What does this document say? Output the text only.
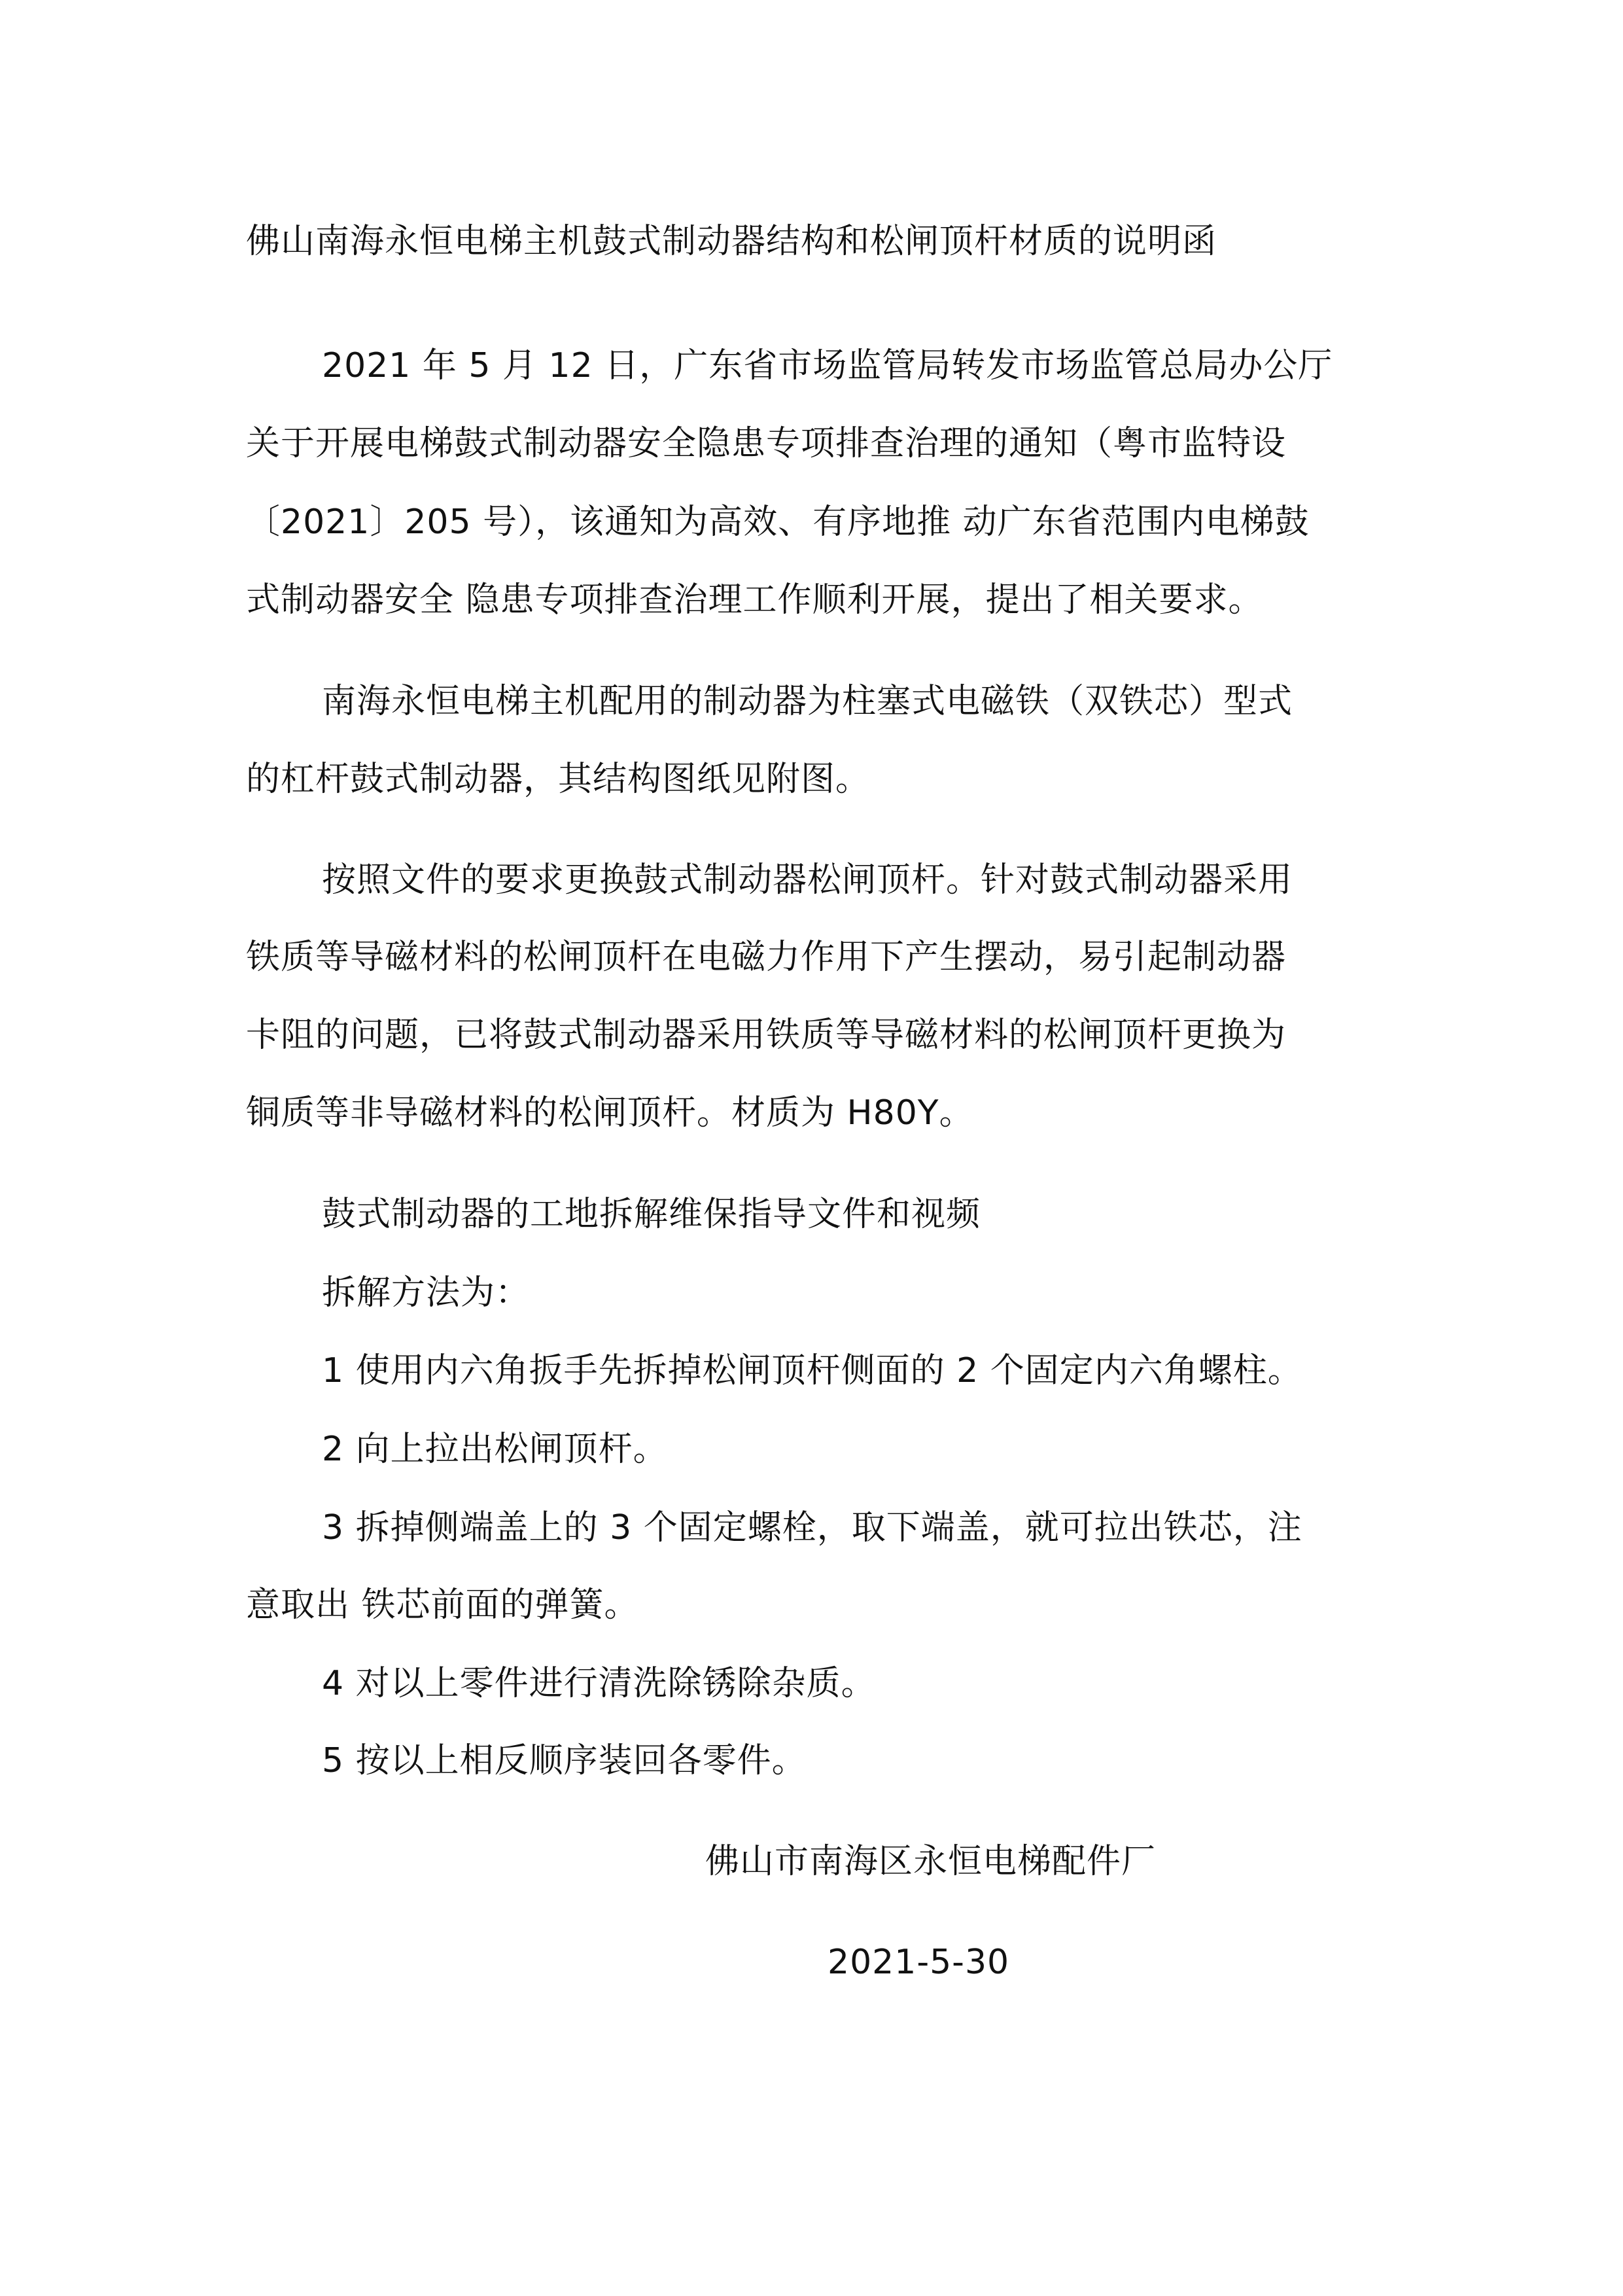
佛山南海永恒电梯主机鼓式制动器结构和松闸顶杆材质的说明函
2021 年 5 月 12 日，广东省市场监管局转发市场监管总局办公厅
关于开展电梯鼓式制动器安全隐患专项排查治理的通知（粤市监特设
〔2021〕205 号），该通知为高效、有序地推 动广东省范围内电梯鼓
式制动器安全 隐患专项排查治理工作顺利开展，提出了相关要求。
南海永恒电梯主机配用的制动器为柱塞式电磁铁（双铁芯）型式
的杠杆鼓式制动器，其结构图纸见附图。
按照文件的要求更换鼓式制动器松闸顶杆。针对鼓式制动器采用
铁质等导磁材料的松闸顶杆在电磁力作用下产生摆动，易引起制动器
卡阻的问题，已将鼓式制动器采用铁质等导磁材料的松闸顶杆更换为
铜质等非导磁材料的松闸顶杆。材质为 H80Y。
鼓式制动器的工地拆解维保指导文件和视频
拆解方法为：
1 使用内六角扳手先拆掉松闸顶杆侧面的 2 个固定内六角螺柱。
2 向上拉出松闸顶杆。
3 拆掉侧端盖上的 3 个固定螺栓，取下端盖，就可拉出铁芯，注
意取出 铁芯前面的弹簧。
4 对以上零件进行清洗除锈除杂质。
5 按以上相反顺序装回各零件。
佛山市南海区永恒电梯配件厂
2021-5-30
